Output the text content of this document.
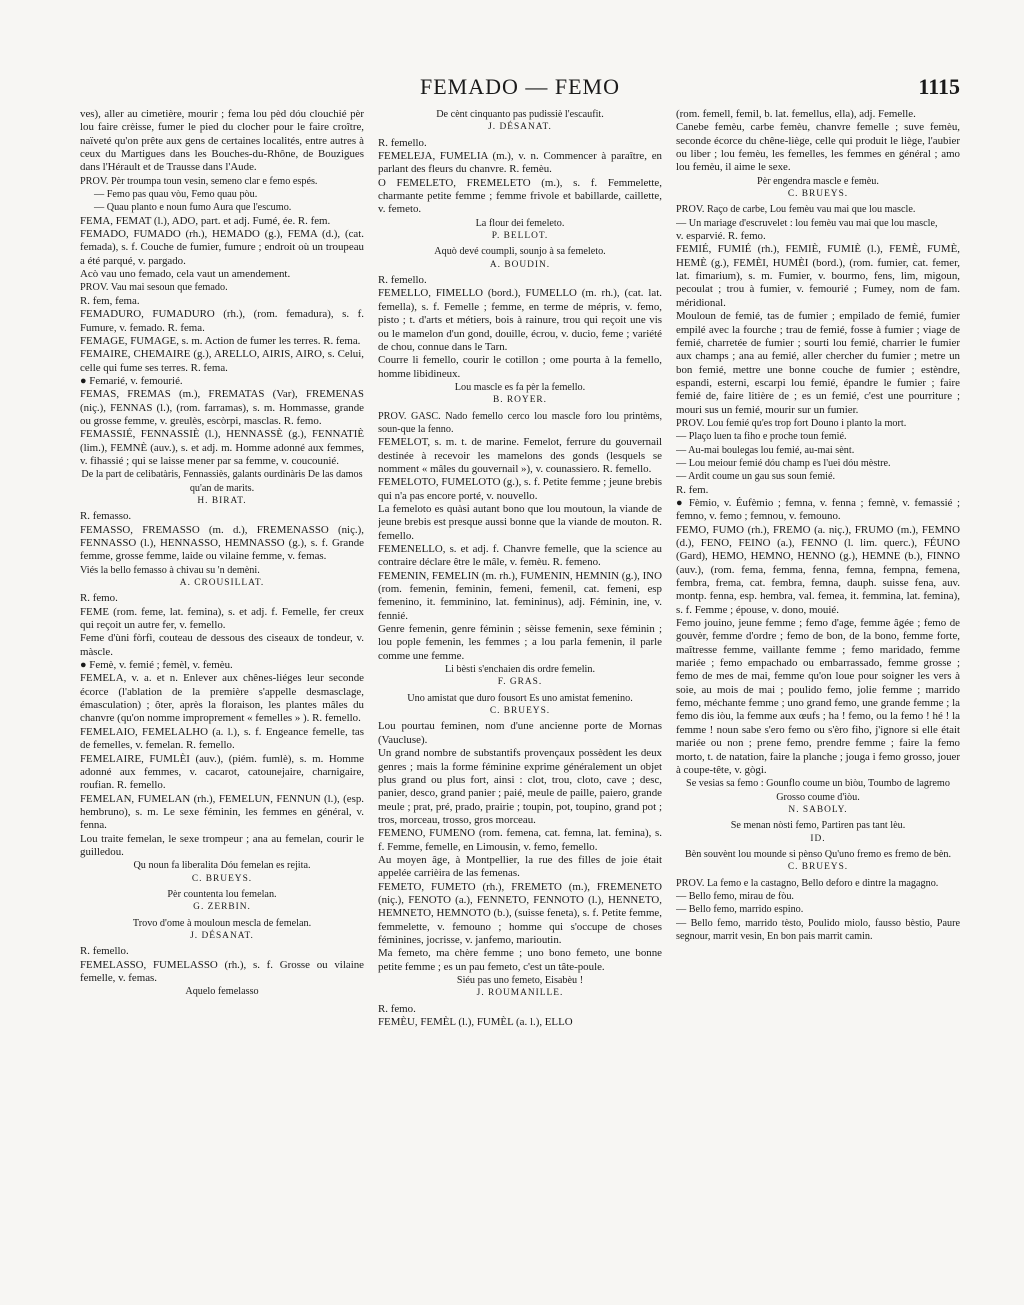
FEMADO — FEMO	1115

ves), aller au cimetière, mourir ; fema lou pèd dóu clouchié pèr lou faire crèisse, fumer le pied du clocher pour le faire croître, naïveté qu'on prête aux gens de certaines localités, entre autres à ceux du Martigues dans les Bouches-du-Rhône, de Bouzigues dans l'Hérault et de Trausse dans l'Aude.

PROV. Pèr troumpa toun vesin, semeno clar e femo espés.

— Femo pas quau vòu, Femo quau pòu.

— Quau planto e noun fumo Aura que l'escumo.

FEMA, FEMAT (l.), ADO, part. et adj. Fumé, ée. R. fem.

FEMADO, FUMADO (rh.), HEMADO (g.), FEMA (d.), (cat. femada), s. f. Couche de fumier, fumure ; endroit où un troupeau a été parqué, v. pargado.

Acò vau uno femado, cela vaut un amendement.

PROV. Vau mai sesoun que femado.

R. fem, fema.

FEMADURO, FUMADURO (rh.), (rom. femadura), s. f. Fumure, v. femado. R. fema.

FEMAGE, FUMAGE, s. m. Action de fumer les terres. R. fema.

FEMAIRE, CHEMAIRE (g.), ARELLO, AIRIS, AIRO, s. Celui, celle qui fume ses terres. R. fema.

● Femarié, v. femourié.

FEMAS, FREMAS (m.), FREMATAS (Var), FREMENAS (niç.), FENNAS (l.), (rom. farramas), s. m. Hommasse, grande ou grosse femme, v. greulès, escòrpi, masclas. R. femo.

FEMASSIÉ, FENNASSIÈ (l.), HENNASSÈ (g.), FENNATIÈ (lim.), FEMNÈ (auv.), s. et adj. m. Homme adonné aux femmes, v. fihassié ; qui se laisse mener par sa femme, v. coucounié.

De la part de celibatàris, Fennassiès, galants ourdinàris De las damos qu'an de marits.

H. BIRAT.

R. femasso.

FEMASSO, FREMASSO (m. d.), FREMENASSO (niç.), FENNASSO (l.), HENNASSO, HEMNASSO (g.), s. f. Grande femme, grosse femme, laide ou vilaine femme, v. femas.

Viés la bello femasso à chivau su 'n demèni.

A. CROUSILLAT.

R. femo.

FEME (rom. feme, lat. femina), s. et adj. f. Femelle, fer creux qui reçoit un autre fer, v. femello.

Feme d'ùni fòrfi, couteau de dessous des ciseaux de tondeur, v. màscle.

● Femè, v. femié ; femèl, v. femèu.

FEMELA, v. a. et n. Enlever aux chênes-liéges leur seconde écorce (l'ablation de la première s'appelle desmasclage, émasculation) ; ôter, après la floraison, les plantes mâles du chanvre (qu'on nomme improprement « femelles » ). R. femello.

FEMELAIO, FEMELALHO (a. l.), s. f. Engeance femelle, tas de femelles, v. femelan. R. femello.

FEMELAIRE, FUMLÈI (auv.), (piém. fumlè), s. m. Homme adonné aux femmes, v. cacarot, catounejaire, charnigaire, roufian. R. femello.

FEMELAN, FUMELAN (rh.), FEMELUN, FENNUN (l.), (esp. hembruno), s. m. Le sexe féminin, les femmes en général, v. fenna.

Lou traite femelan, le sexe trompeur ; ana au femelan, courir le guilledou.

Qu noun fa liberalita Dóu femelan es rejita.

C. BRUEYS.

Pèr countenta lou femelan.

G. ZERBIN.

Trovo d'ome à mouloun mescla de femelan.

J. DÉSANAT.

R. femello.

FEMELASSO, FUMELASSO (rh.), s. f. Grosse ou vilaine femelle, v. femas.

Aquelo femelasso

De cènt cinquanto pas pudissiè l'escaufit.

J. DÉSANAT.

R. femello.

FEMELEJA, FUMELIA (m.), v. n. Commencer à paraître, en parlant des fleurs du chanvre. R. femèu.

O FEMELETO, FREMELETO (m.), s. f. Femmelette, charmante petite femme ; femme frivole et babillarde, caillette, v. femeto.

La flour dei femeleto.

P. BELLOT.

Aquò devé coumpli, sounjo à sa femeleto.

A. BOUDIN.

R. femello.

FEMELLO, FIMELLO (bord.), FUMELLO (m. rh.), (cat. lat. femella), s. f. Femelle ; femme, en terme de mépris, v. femo, pisto ; t. d'arts et métiers, bois à rainure, trou qui reçoit une vis ou le mamelon d'un gond, douille, écrou, v. ducio, feme ; variété de chou, connue dans le Tarn.

Courre li femello, courir le cotillon ; ome pourta à la femello, homme libidineux.

Lou mascle es fa pèr la femello.

B. ROYER.

PROV. GASC. Nado femello cerco lou mascle foro lou printèms, soun-que la fenno.

FEMELOT, s. m. t. de marine. Femelot, ferrure du gouvernail destinée à recevoir les mamelons des gonds (lesquels se nomment « mâles du gouvernail »), v. counassiero. R. femello.

FEMELOTO, FUMELOTO (g.), s. f. Petite femme ; jeune brebis qui n'a pas encore porté, v. nouvello.

La femeloto es quàsi autant bono que lou moutoun, la viande de jeune brebis est presque aussi bonne que la viande de mouton. R. femello.

FEMENELLO, s. et adj. f. Chanvre femelle, que la science au contraire déclare être le mâle, v. femèu. R. femeno.

FEMENIN, FEMELIN (m. rh.), FUMENIN, HEMNIN (g.), INO (rom. femenin, feminin, femeni, femenil, cat. femeni, esp femenino, it. femminino, lat. femininus), adj. Féminin, ine, v. fennié.

Genre femenin, genre féminin ; sèisse femenin, sexe féminin ; lou pople femenin, les femmes ; a lou parla femenin, il parle comme une femme.

Li bèsti s'enchaien dis ordre femelin.

F. GRAS.

Uno amistat que duro fousort Es uno amistat femenino.

C. BRUEYS.

Lou pourtau feminen, nom d'une ancienne porte de Mornas (Vaucluse).

Un grand nombre de substantifs provençaux possèdent les deux genres ; mais la forme féminine exprime généralement un objet plus grand ou plus fort, ainsi : clot, trou, cloto, cave ; desc, panier, desco, grand panier ; paié, meule de paille, paiero, grande meule ; prat, pré, prado, prairie ; toupin, pot, toupino, grand pot ; tros, morceau, trosso, gros morceau.

FEMENO, FUMENO (rom. femena, cat. femna, lat. femina), s. f. Femme, femelle, en Limousin, v. femo, femello.

Au moyen âge, à Montpellier, la rue des filles de joie était appelée carrièira de las femenas.

FEMETO, FUMETO (rh.), FREMETO (m.), FREMENETO (niç.), FENOTO (a.), FENNETO, FENNOTO (l.), HENNETO, HEMNETO, HEMNOTO (b.), (suisse feneta), s. f. Petite femme, femmelette, v. femouno ; homme qui s'occupe de choses féminines, jocrisse, v. janfemo, marioutin.

Ma femeto, ma chère femme ; uno bono femeto, une bonne petite femme ; es un pau femeto, c'est un tâte-poule.

Siéu pas uno femeto, Eisabèu !

J. ROUMANILLE.

R. femo.

FEMÈU, FEMÈL (l.), FUMÈL (a. l.), ELLO

(rom. femell, femil, b. lat. femellus, ella), adj. Femelle.

Canebe femèu, carbe femèu, chanvre femelle ; suve femèu, seconde écorce du chêne-liège, celle qui produit le liège, l'aubier ou liber ; lou femèu, les femelles, les femmes en général ; amo lou femèu, il aime le sexe.

Pèr engendra mascle e femèu.

C. BRUEYS.

PROV. Raço de carbe, Lou femèu vau mai que lou mascle.

— Un mariage d'escruvelet : lou femèu vau mai que lou mascle,

v. esparvié. R. femo.

FEMIÉ, FUMIÉ (rh.), FEMIÈ, FUMIÈ (l.), FEMÈ, FUMÈ, HEMÈ (g.), FEMÈI, HUMÈI (bord.), (rom. fumier, cat. femer, lat. fimarium), s. m. Fumier, v. bourmo, fens, lim, migoun, pecoulat ; trou à fumier, v. femourié ; Fumey, nom de fam. méridional.

Mouloun de femié, tas de fumier ; empilado de femié, fumier empilé avec la fourche ; trau de femié, fosse à fumier ; viage de femié, charretée de fumier ; sourti lou femié, charrier le fumier aux champs ; ana au femié, aller chercher du fumier ; metre un bon femié, mettre une bonne couche de fumier ; estèndre, espandi, esterni, escarpi lou femié, épandre le fumier ; faire femié de, faire litière de ; es un femié, c'est une pourriture ; mouri sus un femié, mourir sur un fumier.

PROV. Lou femié qu'es trop fort Douno i planto la mort.

— Plaço luen ta fiho e proche toun femié.

— Au-mai boulegas lou femié, au-mai sènt.

— Lou meiour femié dóu champ es l'uei dóu mèstre.

— Ardit coume un gau sus soun femié.

R. fem.

● Fèmio, v. Éufèmio ; femna, v. fenna ; femnè, v. femassié ; femno, v. femo ; femnou, v. femouno.

FEMO, FUMO (rh.), FREMO (a. niç.), FRUMO (m.), FEMNO (d.), FENO, FEINO (a.), FENNO (l. lim. querc.), FÉUNO (Gard), HEMO, HEMNO, HENNO (g.), HEMNE (b.), FINNO (auv.), (rom. fema, femma, fenna, femna, fempna, femena, fembra, frema, cat. fembra, femna, dauph. suisse fena, auv. montp. fenna, esp. hembra, val. femea, it. femmina, lat. femina), s. f. Femme ; épouse, v. dono, mouié.

Femo jouino, jeune femme ; femo d'age, femme âgée ; femo de gouvèr, femme d'ordre ; femo de bon, de la bono, femme forte, maîtresse femme, vaillante femme ; femo maridado, femme mariée ; femo empachado ou embarrassado, femme grosse ; femo de mes de mai, femme qu'on loue pour soigner les vers à soie, au mois de mai ; poulido femo, jolie femme ; marrido femo, méchante femme ; uno grand femo, une grande femme ; la femo dis iòu, la femme aux œufs ; ha ! femo, ou la femo ! hé ! la femme ! noun sabe s'ero femo ou s'èro fiho, j'ignore si elle était mariée ou non ; prene femo, prendre femme ; faire la femo morto, t. de natation, faire la planche ; jouga i femo grosso, jouer à coupe-tête, v. gògi.

Se vesias sa femo : Gounflo coume un bìòu, Toumbo de lagremo Grosso coume d'ìòu.

N. SABOLY.

Se menan nòsti femo, Partiren pas tant lèu.

ID.

Bèn souvènt lou mounde si pènso Qu'uno fremo es fremo de bèn.

C. BRUEYS.

PROV. La femo e la castagno, Bello deforo e dintre la magagno.

— Bello femo, mirau de fòu.

— Bello femo, marrido espino.

— Bello femo, marrido tèsto, Poulido miolo, fausso bèstio, Paure segnour, marrit vesin, En bon pais marrit camin.
